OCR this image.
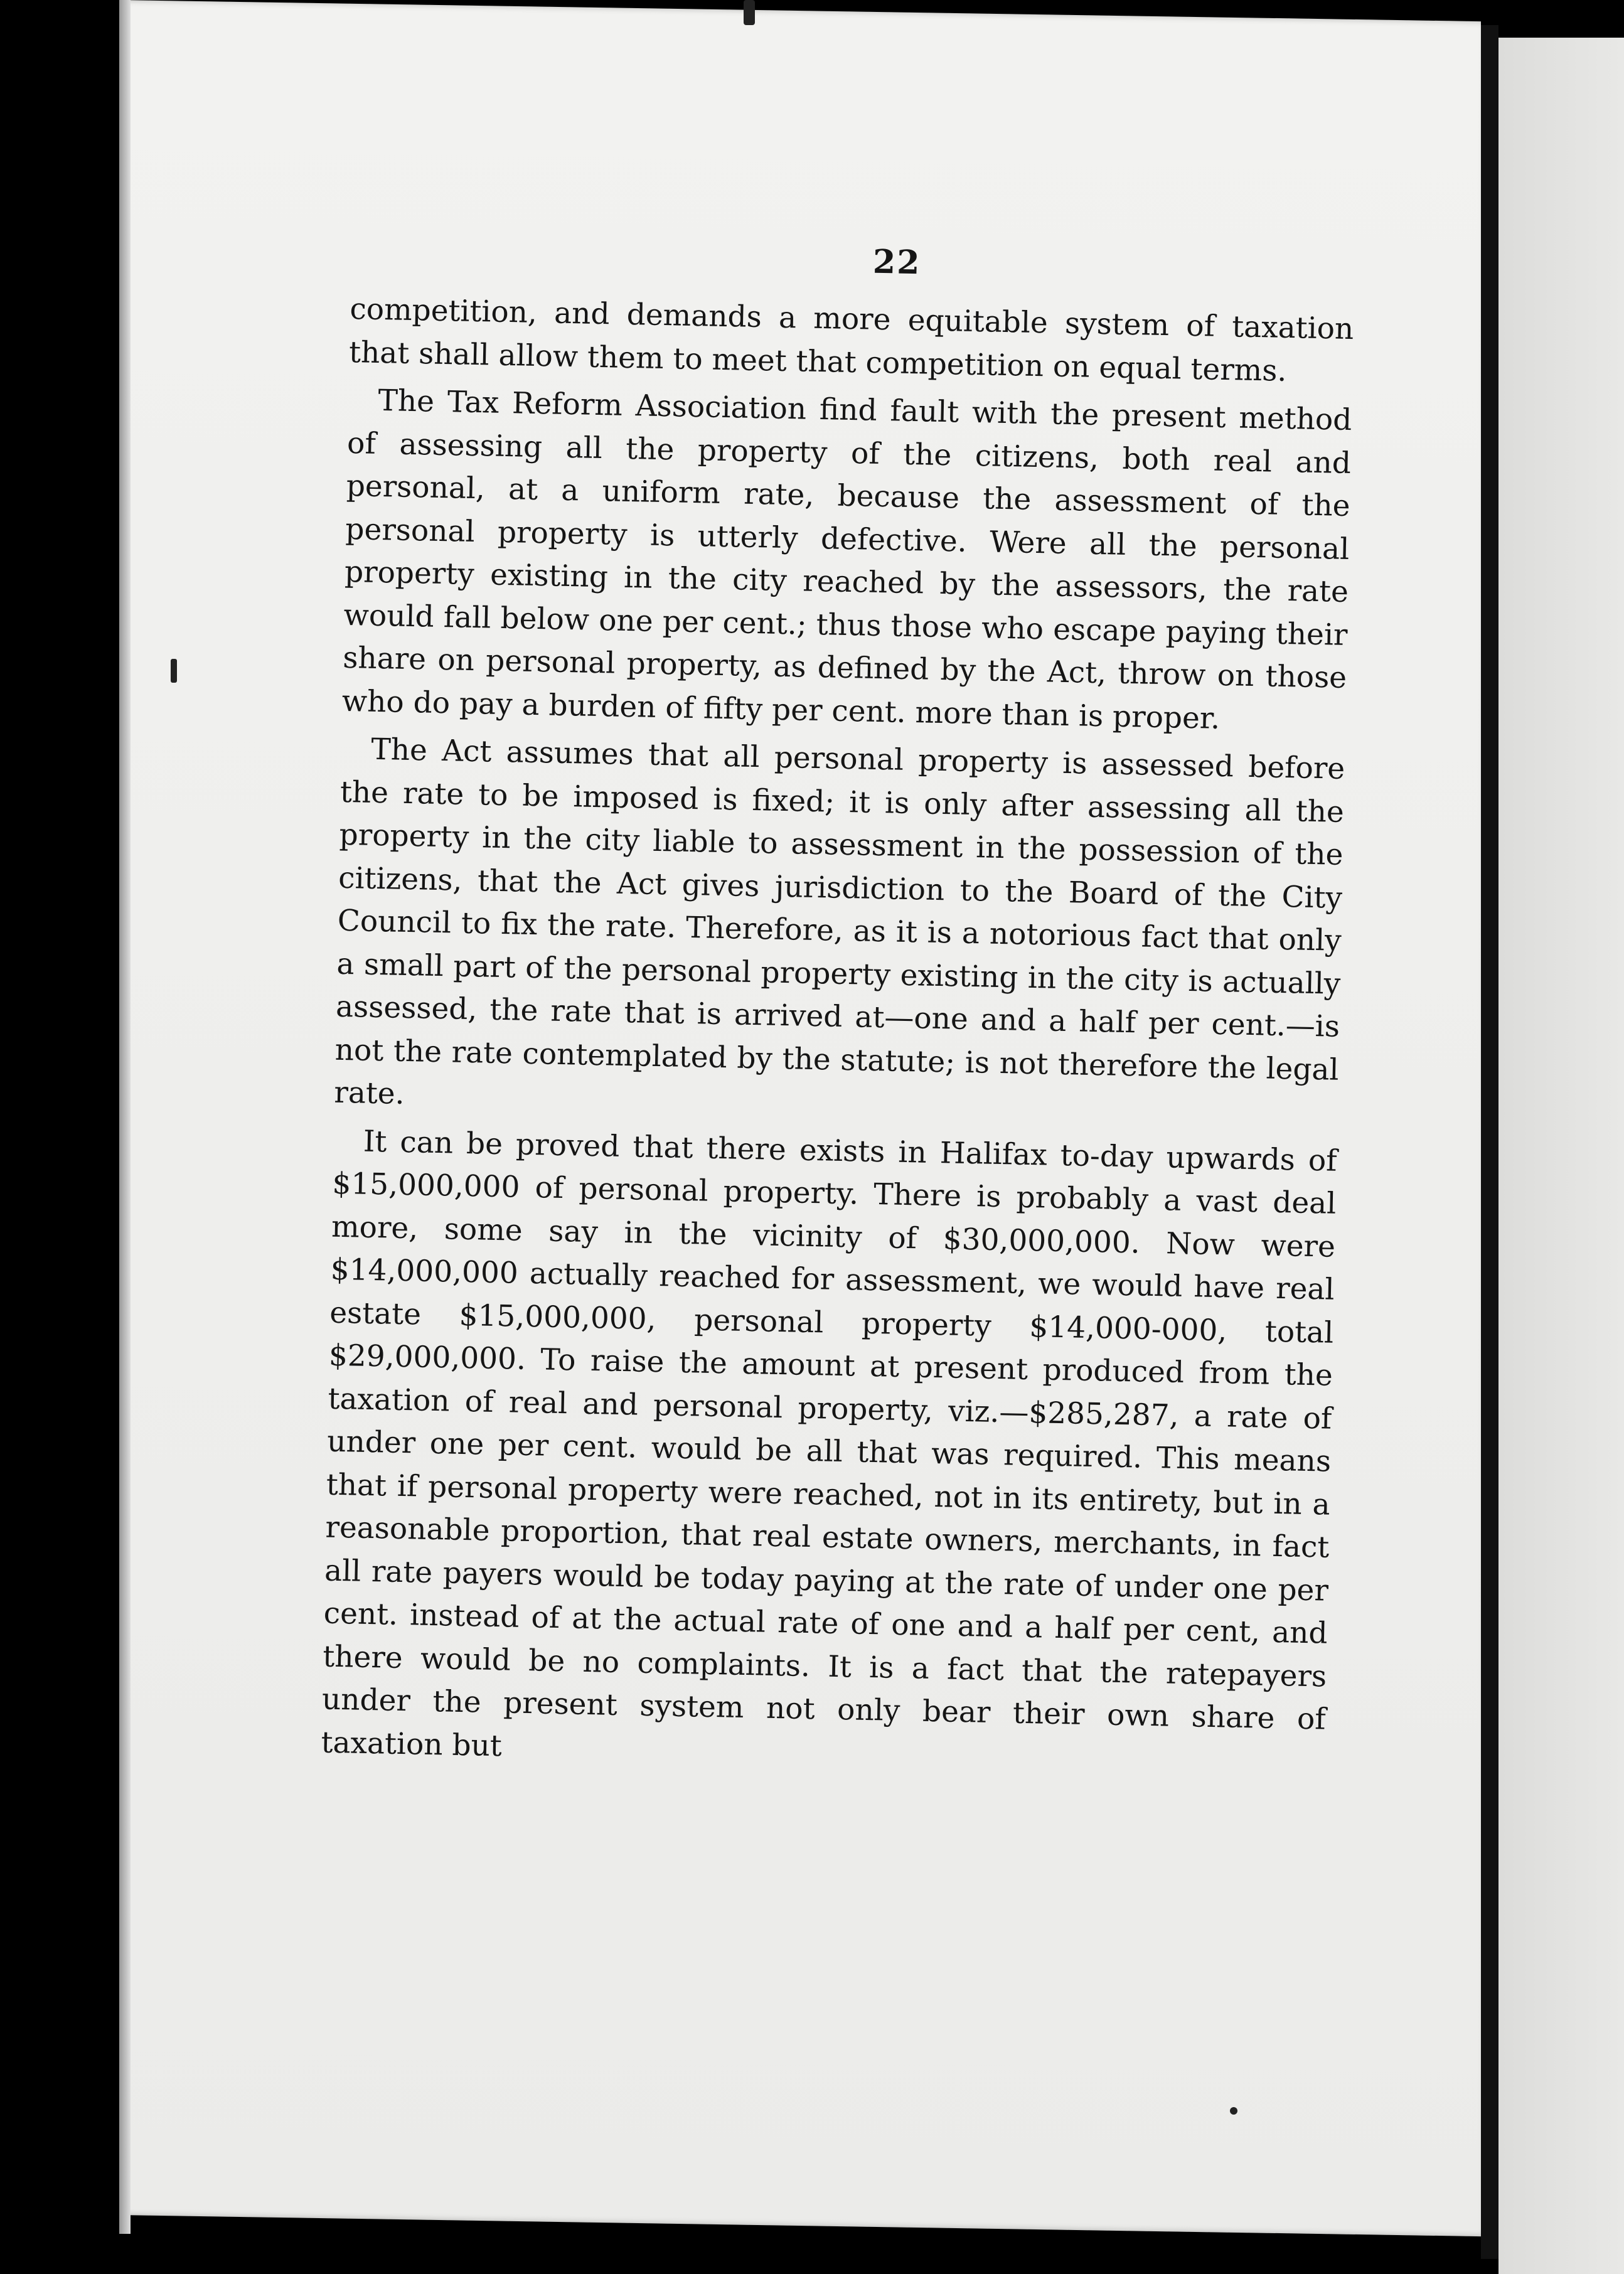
22

competition, and demands a more equitable system of taxation that shall allow them to meet that competition on equal terms.

The Tax Reform Association find fault with the present method of assessing all the property of the citizens, both real and personal, at a uniform rate, because the assessment of the personal property is utterly defective. Were all the personal property existing in the city reached by the assessors, the rate would fall below one per cent.; thus those who escape paying their share on personal property, as defined by the Act, throw on those who do pay a burden of fifty per cent. more than is proper.

The Act assumes that all personal property is assessed before the rate to be imposed is fixed; it is only after assessing all the property in the city liable to assessment in the possession of the citizens, that the Act gives jurisdiction to the Board of the City Council to fix the rate. Therefore, as it is a notorious fact that only a small part of the personal property existing in the city is actually assessed, the rate that is arrived at—one and a half per cent.—is not the rate contemplated by the statute; is not therefore the legal rate.

It can be proved that there exists in Halifax to-day upwards of $15,000,000 of personal property. There is probably a vast deal more, some say in the vicinity of $30,000,000. Now were $14,000,000 actually reached for assessment, we would have real estate $15,000,000, personal property $14,000-000, total $29,000,000. To raise the amount at present produced from the taxation of real and personal property, viz.—$285,287, a rate of under one per cent. would be all that was required. This means that if personal property were reached, not in its entirety, but in a reasonable proportion, that real estate owners, merchants, in fact all rate payers would be today paying at the rate of under one per cent. instead of at the actual rate of one and a half per cent, and there would be no complaints. It is a fact that the ratepayers under the present system not only bear their own share of taxation but
